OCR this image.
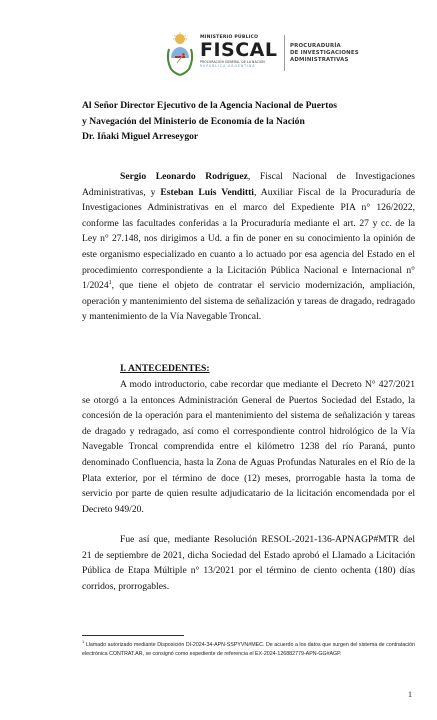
MINISTERIO PÚBLICO
FISCAL
PROCURACIÓN GENERAL DE LA NACIÓN
REPÚBLICA ARGENTINA
PROCURADURÍA
DE INVESTIGACIONES
ADMINISTRATIVAS
Al Señor Director Ejecutivo de la Agencia Nacional de Puertos
y Navegación del Ministerio de Economía de la Nación
Dr. Iñaki Miguel Arreseygor
Sergio Leonardo Rodríguez, Fiscal Nacional de Investigaciones Administrativas, y Esteban Luis Venditti, Auxiliar Fiscal de la Procuraduría de Investigaciones Administrativas en el marco del Expediente PIA n° 126/2022, conforme las facultades conferidas a la Procuraduría mediante el art. 27 y cc. de la Ley n° 27.148, nos dirigimos a Ud. a fin de poner en su conocimiento la opinión de este organismo especializado en cuanto a lo actuado por esa agencia del Estado en el procedimiento correspondiente a la Licitación Pública Nacional e Internacional n° 1/2024$^1$, que tiene el objeto de contratar el servicio modernización, ampliación, operación y mantenimiento del sistema de señalización y tareas de dragado, redragado y mantenimiento de la Vía Navegable Troncal.
I. ANTECEDENTES:
A modo introductorio, cabe recordar que mediante el Decreto N° 427/2021 se otorgó a la entonces Administración General de Puertos Sociedad del Estado, la concesión de la operación para el mantenimiento del sistema de señalización y tareas de dragado y redragado, así como el correspondiente control hidrológico de la Vía Navegable Troncal comprendida entre el kilómetro 1238 del río Paraná, punto denominado Confluencia, hasta la Zona de Aguas Profundas Naturales en el Río de la Plata exterior, por el término de doce (12) meses, prorrogable hasta la toma de servicio por parte de quien resulte adjudicatario de la licitación encomendada por el Decreto 949/20.
Fue así que, mediante Resolución RESOL-2021-136-APNAGP#MTR del 21 de septiembre de 2021, dicha Sociedad del Estado aprobó el Llamado a Licitación Pública de Etapa Múltiple n° 13/2021 por el término de ciento ochenta (180) días corridos, prorrogables.
$^1$ Llamado autorizado mediante Disposición DI-2024-34-APN-SSPYVN#MEC. De acuerdo a los datos que surgen del sistema de contratación electrónica CONTRAT.AR, se consignó como expediente de referencia el EX-2024-126882779-APN-GG#AGP.
1
